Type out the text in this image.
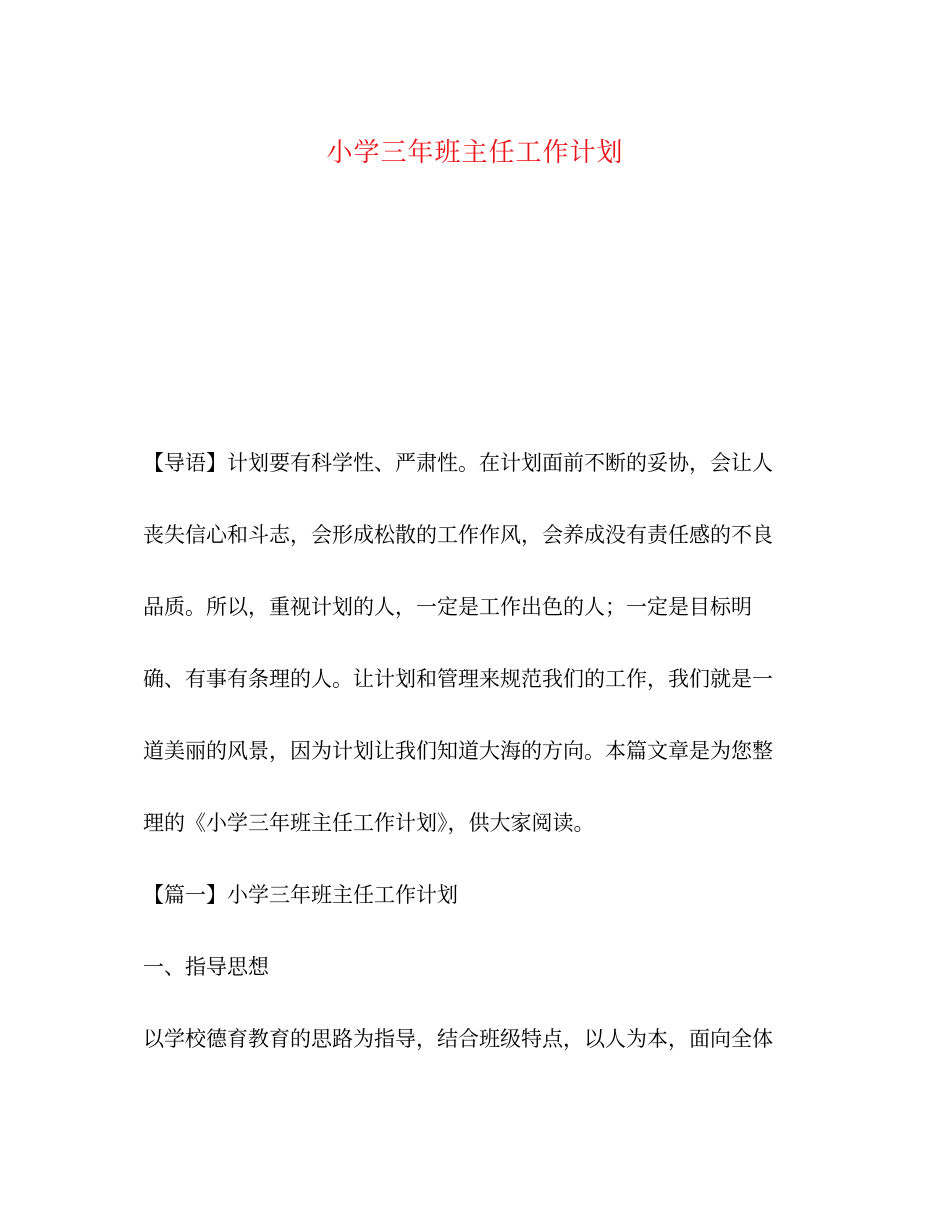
小学三年班主任工作计划

【导语】计划要有科学性、严肃性。在计划面前不断的妥协，会让人

丧失信心和斗志，会形成松散的工作作风，会养成没有责任感的不良

品质。所以，重视计划的人，一定是工作出色的人；一定是目标明

确、有事有条理的人。让计划和管理来规范我们的工作，我们就是一

道美丽的风景，因为计划让我们知道大海的方向。本篇文章是为您整

理的《小学三年班主任工作计划》，供大家阅读。

【篇一】小学三年班主任工作计划

一、指导思想

以学校德育教育的思路为指导，结合班级特点，以人为本，面向全体
